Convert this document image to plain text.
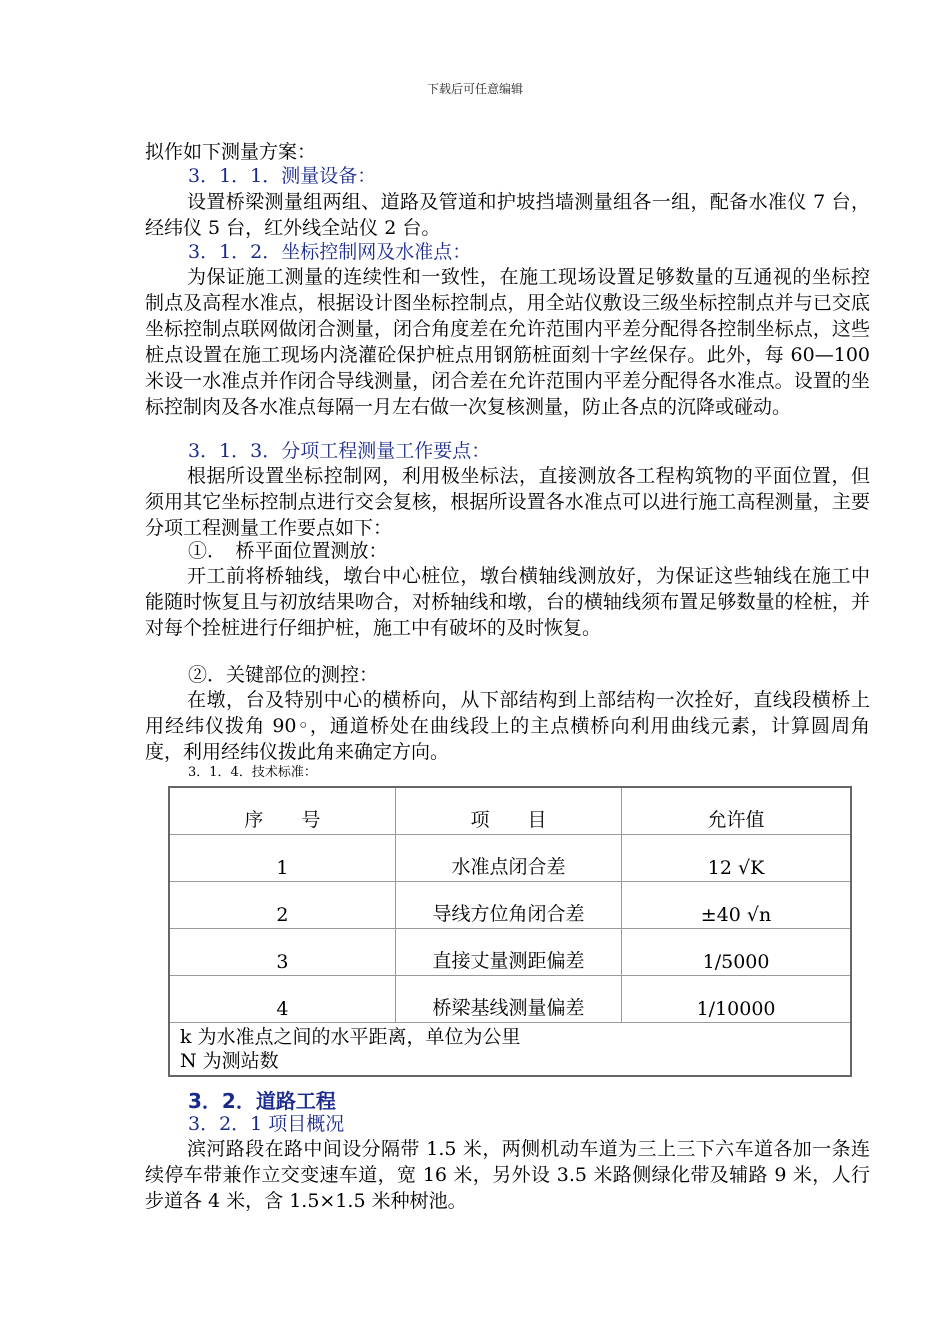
下载后可任意编辑
拟作如下测量方案：
3．1．1．测量设备：
设置桥梁测量组两组、道路及管道和护坡挡墙测量组各一组，配备水准仪 7 台，经纬仪 5 台，红外线全站仪 2 台。
3．1．2．坐标控制网及水准点：
为保证施工测量的连续性和一致性，在施工现场设置足够数量的互通视的坐标控制点及高程水准点，根据设计图坐标控制点，用全站仪敷设三级坐标控制点并与已交底坐标控制点联网做闭合测量，闭合角度差在允许范围内平差分配得各控制坐标点，这些桩点设置在施工现场内浇灌砼保护桩点用钢筋桩面刻十字丝保存。此外，每 60—100 米设一水准点并作闭合导线测量，闭合差在允许范围内平差分配得各水准点。设置的坐标控制肉及各水准点每隔一月左右做一次复核测量，防止各点的沉降或碰动。
3．1．3．分项工程测量工作要点：
根据所设置坐标控制网，利用极坐标法，直接测放各工程构筑物的平面位置，但须用其它坐标控制点进行交会复核，根据所设置各水准点可以进行施工高程测量，主要分项工程测量工作要点如下：
①．　桥平面位置测放：
开工前将桥轴线，墩台中心桩位，墩台横轴线测放好，为保证这些轴线在施工中能随时恢复且与初放结果吻合，对桥轴线和墩，台的横轴线须布置足够数量的栓桩，并对每个拴桩进行仔细护桩，施工中有破坏的及时恢复。
②．关键部位的测控：
在墩，台及特别中心的横桥向，从下部结构到上部结构一次拴好，直线段横桥上用经纬仪拨角 90◦，通道桥处在曲线段上的主点横桥向利用曲线元素，计算圆周角度，利用经纬仪拨此角来确定方向。
3．1．4．技术标准：
序　　号	项　　目	允许值
1	水准点闭合差	12 √K
2	导线方位角闭合差	±40 √n
3	直接丈量测距偏差	1/5000
4	桥梁基线测量偏差	1/10000

k 为水准点之间的水平距离，单位为公里
N 为测站数		
3．2．道路工程
3．2．1 项目概况
滨河路段在路中间设分隔带 1.5 米，两侧机动车道为三上三下六车道各加一条连续停车带兼作立交变速车道，宽 16 米，另外设 3.5 米路侧绿化带及辅路 9 米，人行步道各 4 米，含 1.5×1.5 米种树池。
